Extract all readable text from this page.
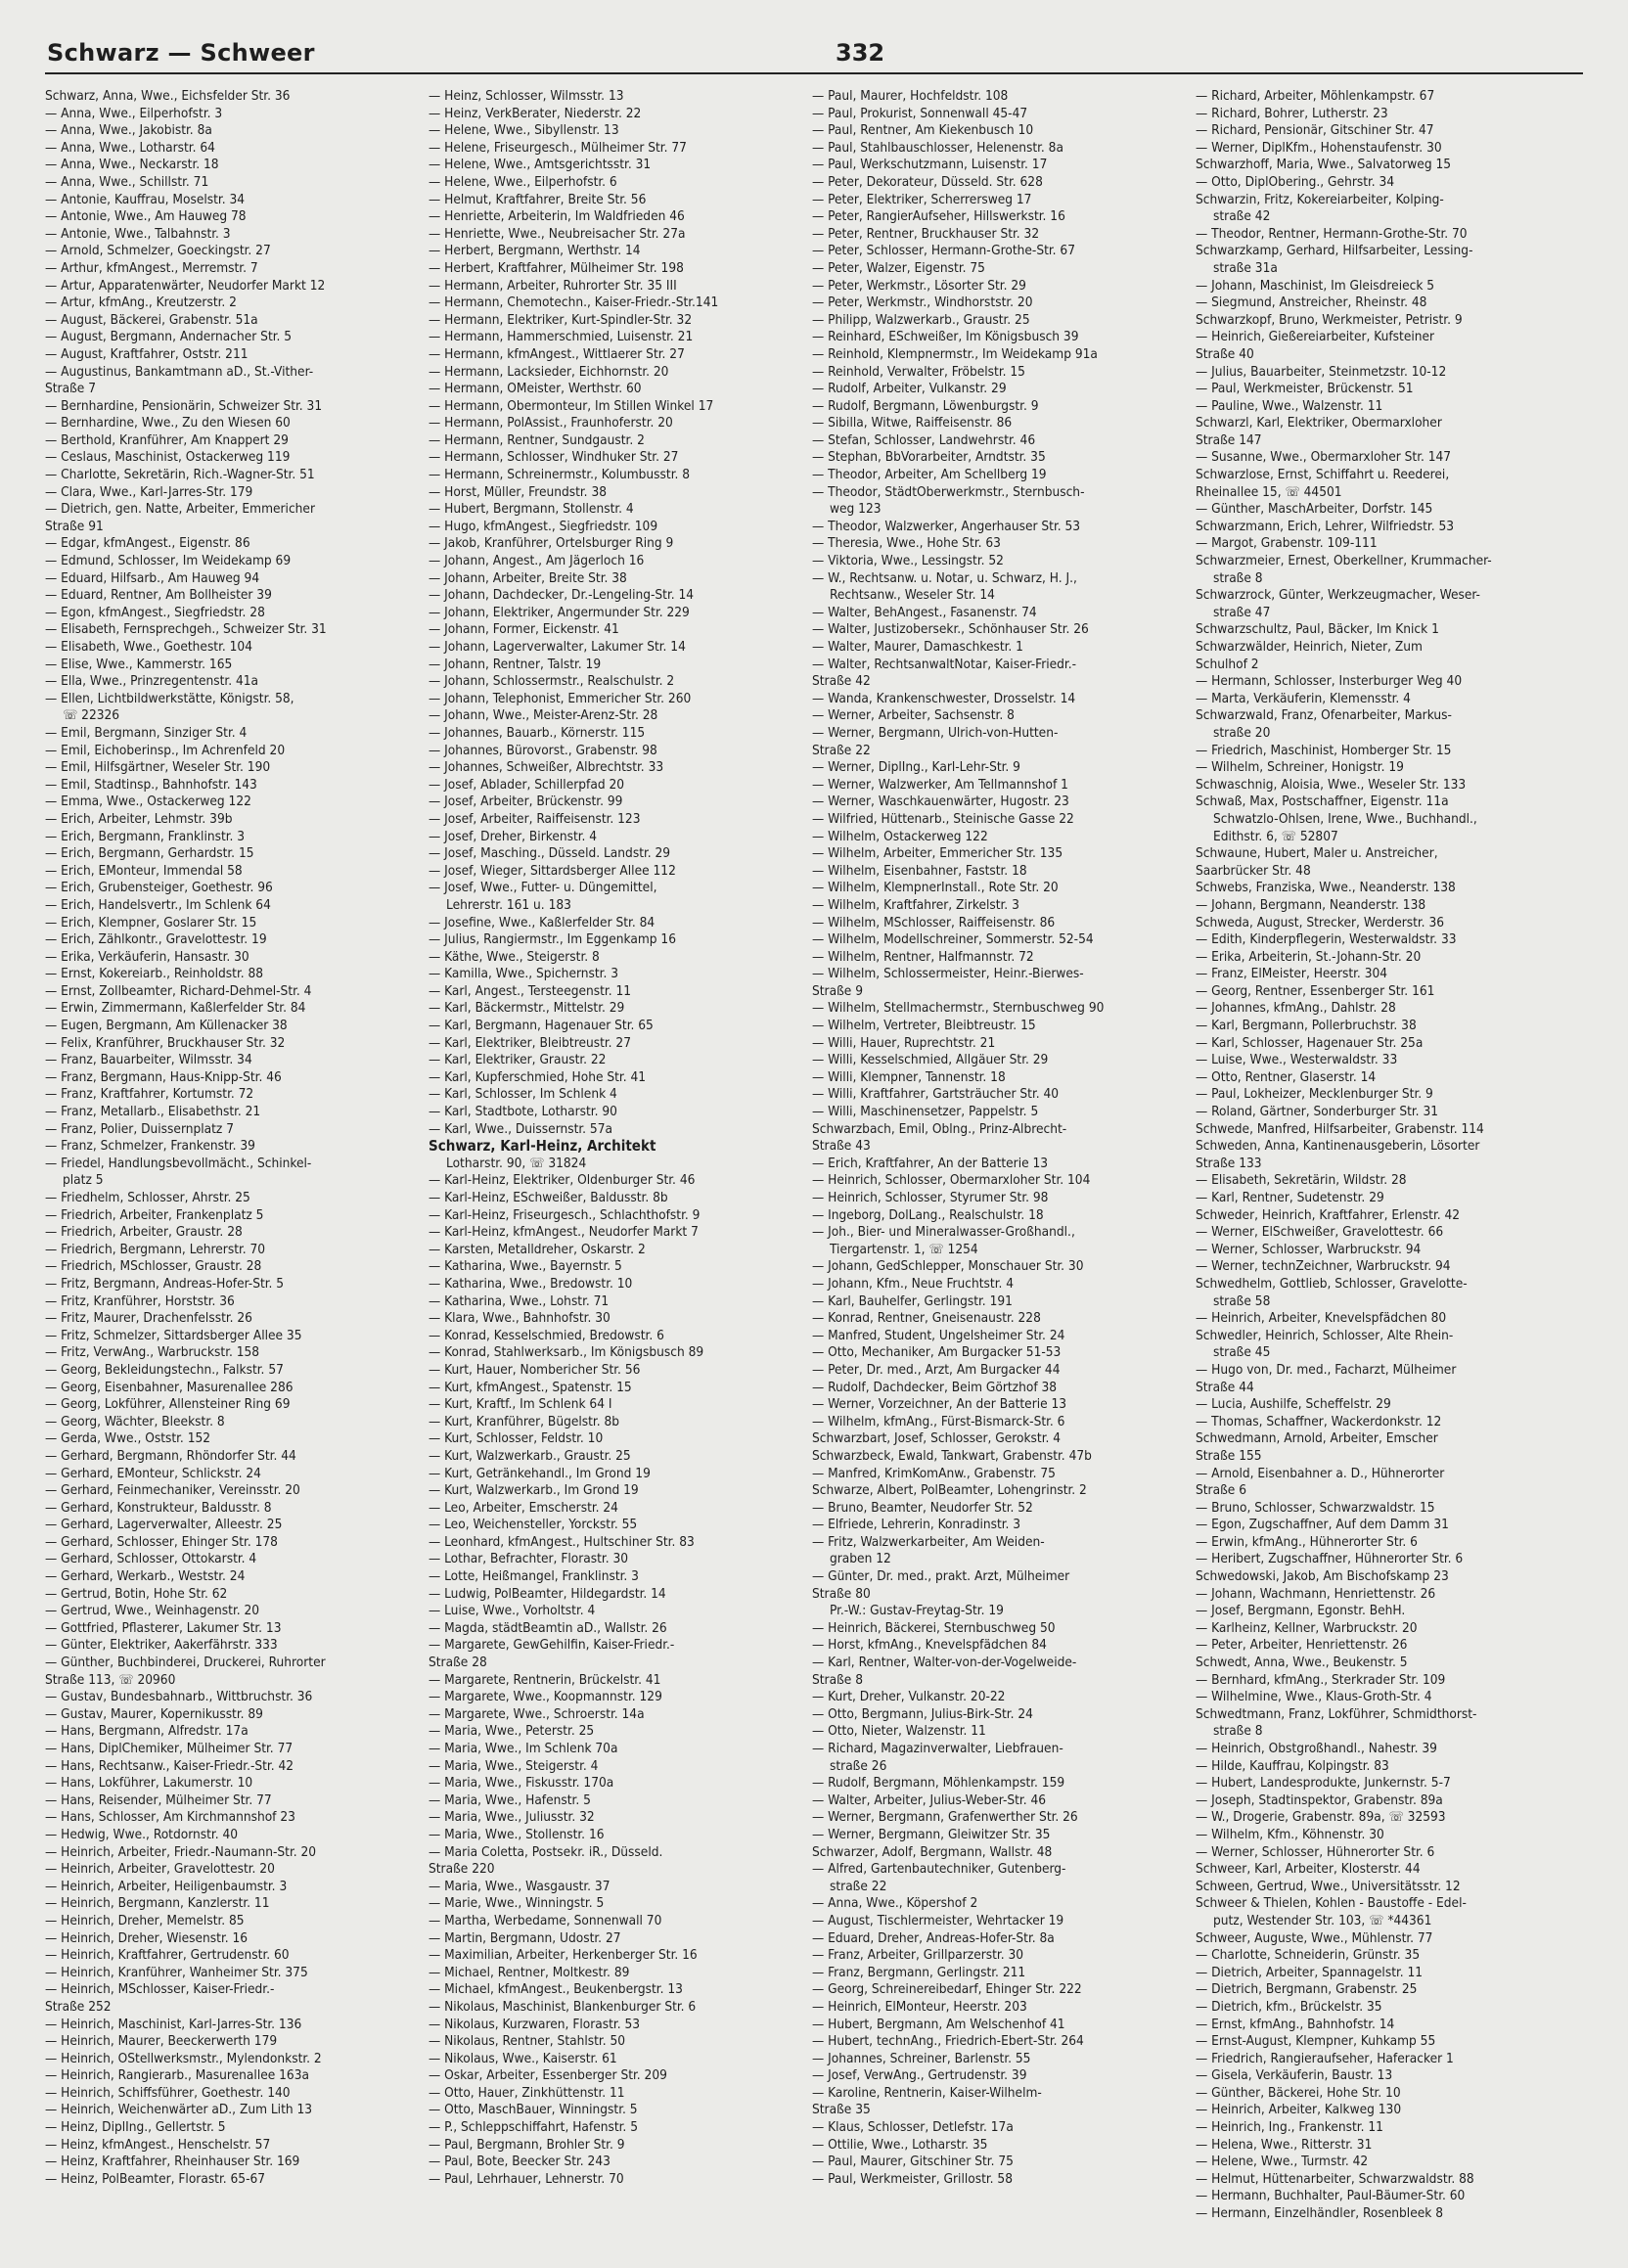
Schwarz — Schweer	332
Schwarz, Anna, Wwe., Eichsfelder Str. 36
— Anna, Wwe., Eilperhofstr. 3
— Anna, Wwe., Jakobistr. 8a
— Anna, Wwe., Lotharstr. 64
— Anna, Wwe., Neckarstr. 18
— Anna, Wwe., Schillstr. 71
— Antonie, Kauffrau, Moselstr. 34
— Antonie, Wwe., Am Hauweg 78
— Antonie, Wwe., Talbahnstr. 3
— Arnold, Schmelzer, Goeckingstr. 27
— Arthur, kfmAngest., Merremstr. 7
— Artur, Apparatenwärter, Neudorfer Markt 12
— Artur, kfmAng., Kreutzerstr. 2
— August, Bäckerei, Grabenstr. 51a
— August, Bergmann, Andernacher Str. 5
— August, Kraftfahrer, Oststr. 211
— Augustinus, Bankamtmann aD., St.-Vither-
Straße 7
— Bernhardine, Pensionärin, Schweizer Str. 31
— Bernhardine, Wwe., Zu den Wiesen 60
— Berthold, Kranführer, Am Knappert 29
— Ceslaus, Maschinist, Ostackerweg 119
— Charlotte, Sekretärin, Rich.-Wagner-Str. 51
— Clara, Wwe., Karl-Jarres-Str. 179
— Dietrich, gen. Natte, Arbeiter, Emmericher
Straße 91
— Edgar, kfmAngest., Eigenstr. 86
— Edmund, Schlosser, Im Weidekamp 69
— Eduard, Hilfsarb., Am Hauweg 94
— Eduard, Rentner, Am Bollheister 39
— Egon, kfmAngest., Siegfriedstr. 28
— Elisabeth, Fernsprechgeh., Schweizer Str. 31
— Elisabeth, Wwe., Goethestr. 104
— Elise, Wwe., Kammerstr. 165
— Ella, Wwe., Prinzregentenstr. 41a
— Ellen, Lichtbildwerkstätte, Königstr. 58,
☏ 22326
— Emil, Bergmann, Sinziger Str. 4
— Emil, Eichoberinsp., Im Achrenfeld 20
— Emil, Hilfsgärtner, Weseler Str. 190
— Emil, Stadtinsp., Bahnhofstr. 143
— Emma, Wwe., Ostackerweg 122
— Erich, Arbeiter, Lehmstr. 39b
— Erich, Bergmann, Franklinstr. 3
— Erich, Bergmann, Gerhardstr. 15
— Erich, EMonteur, Immendal 58
— Erich, Grubensteiger, Goethestr. 96
— Erich, Handelsvertr., Im Schlenk 64
— Erich, Klempner, Goslarer Str. 15
— Erich, Zählkontr., Gravelottestr. 19
— Erika, Verkäuferin, Hansastr. 30
— Ernst, Kokereiarb., Reinholdstr. 88
— Ernst, Zollbeamter, Richard-Dehmel-Str. 4
— Erwin, Zimmermann, Kaßlerfelder Str. 84
— Eugen, Bergmann, Am Küllenacker 38
— Felix, Kranführer, Bruckhauser Str. 32
— Franz, Bauarbeiter, Wilmsstr. 34
— Franz, Bergmann, Haus-Knipp-Str. 46
— Franz, Kraftfahrer, Kortumstr. 72
— Franz, Metallarb., Elisabethstr. 21
— Franz, Polier, Duissernplatz 7
— Franz, Schmelzer, Frankenstr. 39
— Friedel, Handlungsbevollmächt., Schinkel-
platz 5
— Friedhelm, Schlosser, Ahrstr. 25
— Friedrich, Arbeiter, Frankenplatz 5
— Friedrich, Arbeiter, Graustr. 28
— Friedrich, Bergmann, Lehrerstr. 70
— Friedrich, MSchlosser, Graustr. 28
— Fritz, Bergmann, Andreas-Hofer-Str. 5
— Fritz, Kranführer, Horststr. 36
— Fritz, Maurer, Drachenfelsstr. 26
— Fritz, Schmelzer, Sittardsberger Allee 35
— Fritz, VerwAng., Warbruckstr. 158
— Georg, Bekleidungstechn., Falkstr. 57
— Georg, Eisenbahner, Masurenallee 286
— Georg, Lokführer, Allensteiner Ring 69
— Georg, Wächter, Bleekstr. 8
— Gerda, Wwe., Oststr. 152
— Gerhard, Bergmann, Rhöndorfer Str. 44
— Gerhard, EMonteur, Schlickstr. 24
— Gerhard, Feinmechaniker, Vereinsstr. 20
— Gerhard, Konstrukteur, Baldusstr. 8
— Gerhard, Lagerverwalter, Alleestr. 25
— Gerhard, Schlosser, Ehinger Str. 178
— Gerhard, Schlosser, Ottokarstr. 4
— Gerhard, Werkarb., Weststr. 24
— Gertrud, Botin, Hohe Str. 62
— Gertrud, Wwe., Weinhagenstr. 20
— Gottfried, Pflasterer, Lakumer Str. 13
— Günter, Elektriker, Aakerfährstr. 333
— Günther, Buchbinderei, Druckerei, Ruhrorter
Straße 113, ☏ 20960
— Gustav, Bundesbahnarb., Wittbruchstr. 36
— Gustav, Maurer, Kopernikusstr. 89
— Hans, Bergmann, Alfredstr. 17a
— Hans, DiplChemiker, Mülheimer Str. 77
— Hans, Rechtsanw., Kaiser-Friedr.-Str. 42
— Hans, Lokführer, Lakumerstr. 10
— Hans, Reisender, Mülheimer Str. 77
— Hans, Schlosser, Am Kirchmannshof 23
— Hedwig, Wwe., Rotdornstr. 40
— Heinrich, Arbeiter, Friedr.-Naumann-Str. 20
— Heinrich, Arbeiter, Gravelottestr. 20
— Heinrich, Arbeiter, Heiligenbaumstr. 3
— Heinrich, Bergmann, Kanzlerstr. 11
— Heinrich, Dreher, Memelstr. 85
— Heinrich, Dreher, Wiesenstr. 16
— Heinrich, Kraftfahrer, Gertrudenstr. 60
— Heinrich, Kranführer, Wanheimer Str. 375
— Heinrich, MSchlosser, Kaiser-Friedr.-
Straße 252
— Heinrich, Maschinist, Karl-Jarres-Str. 136
— Heinrich, Maurer, Beeckerwerth 179
— Heinrich, OStellwerksmstr., Mylendonkstr. 2
— Heinrich, Rangierarb., Masurenallee 163a
— Heinrich, Schiffsführer, Goethestr. 140
— Heinrich, Weichenwärter aD., Zum Lith 13
— Heinz, DiplIng., Gellertstr. 5
— Heinz, kfmAngest., Henschelstr. 57
— Heinz, Kraftfahrer, Rheinhauser Str. 169
— Heinz, PolBeamter, Florastr. 65-67
— Heinz, Schlosser, Wilmsstr. 13
— Heinz, VerkBerater, Niederstr. 22
— Helene, Wwe., Sibyllenstr. 13
— Helene, Friseurgesch., Mülheimer Str. 77
— Helene, Wwe., Amtsgerichtsstr. 31
— Helene, Wwe., Eilperhofstr. 6
— Helmut, Kraftfahrer, Breite Str. 56
— Henriette, Arbeiterin, Im Waldfrieden 46
— Henriette, Wwe., Neubreisacher Str. 27a
— Herbert, Bergmann, Werthstr. 14
— Herbert, Kraftfahrer, Mülheimer Str. 198
— Hermann, Arbeiter, Ruhrorter Str. 35 III
— Hermann, Chemotechn., Kaiser-Friedr.-Str.141
— Hermann, Elektriker, Kurt-Spindler-Str. 32
— Hermann, Hammerschmied, Luisenstr. 21
— Hermann, kfmAngest., Wittlaerer Str. 27
— Hermann, Lacksieder, Eichhornstr. 20
— Hermann, OMeister, Werthstr. 60
— Hermann, Obermonteur, Im Stillen Winkel 17
— Hermann, PolAssist., Fraunhoferstr. 20
— Hermann, Rentner, Sundgaustr. 2
— Hermann, Schlosser, Windhuker Str. 27
— Hermann, Schreinermstr., Kolumbusstr. 8
— Horst, Müller, Freundstr. 38
— Hubert, Bergmann, Stollenstr. 4
— Hugo, kfmAngest., Siegfriedstr. 109
— Jakob, Kranführer, Ortelsburger Ring 9
— Johann, Angest., Am Jägerloch 16
— Johann, Arbeiter, Breite Str. 38
— Johann, Dachdecker, Dr.-Lengeling-Str. 14
— Johann, Elektriker, Angermunder Str. 229
— Johann, Former, Eickenstr. 41
— Johann, Lagerverwalter, Lakumer Str. 14
— Johann, Rentner, Talstr. 19
— Johann, Schlossermstr., Realschulstr. 2
— Johann, Telephonist, Emmericher Str. 260
— Johann, Wwe., Meister-Arenz-Str. 28
— Johannes, Bauarb., Körnerstr. 115
— Johannes, Bürovorst., Grabenstr. 98
— Johannes, Schweißer, Albrechtstr. 33
— Josef, Ablader, Schillerpfad 20
— Josef, Arbeiter, Brückenstr. 99
— Josef, Arbeiter, Raiffeisenstr. 123
— Josef, Dreher, Birkenstr. 4
— Josef, Masching., Düsseld. Landstr. 29
— Josef, Wieger, Sittardsberger Allee 112
— Josef, Wwe., Futter- u. Düngemittel,
Lehrerstr. 161 u. 183
— Josefine, Wwe., Kaßlerfelder Str. 84
— Julius, Rangiermstr., Im Eggenkamp 16
— Käthe, Wwe., Steigerstr. 8
— Kamilla, Wwe., Spichernstr. 3
— Karl, Angest., Tersteegenstr. 11
— Karl, Bäckermstr., Mittelstr. 29
— Karl, Bergmann, Hagenauer Str. 65
— Karl, Elektriker, Bleibtreustr. 27
— Karl, Elektriker, Graustr. 22
— Karl, Kupferschmied, Hohe Str. 41
— Karl, Schlosser, Im Schlenk 4
— Karl, Stadtbote, Lotharstr. 90
— Karl, Wwe., Duissernstr. 57a
Schwarz, Karl-Heinz, Architekt
Lotharstr. 90, ☏ 31824
— Karl-Heinz, Elektriker, Oldenburger Str. 46
— Karl-Heinz, ESchweißer, Baldusstr. 8b
— Karl-Heinz, Friseurgesch., Schlachthofstr. 9
— Karl-Heinz, kfmAngest., Neudorfer Markt 7
— Karsten, Metalldreher, Oskarstr. 2
— Katharina, Wwe., Bayernstr. 5
— Katharina, Wwe., Bredowstr. 10
— Katharina, Wwe., Lohstr. 71
— Klara, Wwe., Bahnhofstr. 30
— Konrad, Kesselschmied, Bredowstr. 6
— Konrad, Stahlwerksarb., Im Königsbusch 89
— Kurt, Hauer, Nombericher Str. 56
— Kurt, kfmAngest., Spatenstr. 15
— Kurt, Kraftf., Im Schlenk 64 I
— Kurt, Kranführer, Bügelstr. 8b
— Kurt, Schlosser, Feldstr. 10
— Kurt, Walzwerkarb., Graustr. 25
— Kurt, Getränkehandl., Im Grond 19
— Kurt, Walzwerkarb., Im Grond 19
— Leo, Arbeiter, Emscherstr. 24
— Leo, Weichensteller, Yorckstr. 55
— Leonhard, kfmAngest., Hultschiner Str. 83
— Lothar, Befrachter, Florastr. 30
— Lotte, Heißmangel, Franklinstr. 3
— Ludwig, PolBeamter, Hildegardstr. 14
— Luise, Wwe., Vorholtstr. 4
— Magda, städtBeamtin aD., Wallstr. 26
— Margarete, GewGehilfin, Kaiser-Friedr.-
Straße 28
— Margarete, Rentnerin, Brückelstr. 41
— Margarete, Wwe., Koopmannstr. 129
— Margarete, Wwe., Schroerstr. 14a
— Maria, Wwe., Peterstr. 25
— Maria, Wwe., Im Schlenk 70a
— Maria, Wwe., Steigerstr. 4
— Maria, Wwe., Fiskusstr. 170a
— Maria, Wwe., Hafenstr. 5
— Maria, Wwe., Juliusstr. 32
— Maria, Wwe., Stollenstr. 16
— Maria Coletta, Postsekr. iR., Düsseld.
Straße 220
— Maria, Wwe., Wasgaustr. 37
— Marie, Wwe., Winningstr. 5
— Martha, Werbedame, Sonnenwall 70
— Martin, Bergmann, Udostr. 27
— Maximilian, Arbeiter, Herkenberger Str. 16
— Michael, Rentner, Moltkestr. 89
— Michael, kfmAngest., Beukenbergstr. 13
— Nikolaus, Maschinist, Blankenburger Str. 6
— Nikolaus, Kurzwaren, Florastr. 53
— Nikolaus, Rentner, Stahlstr. 50
— Nikolaus, Wwe., Kaiserstr. 61
— Oskar, Arbeiter, Essenberger Str. 209
— Otto, Hauer, Zinkhüttenstr. 11
— Otto, MaschBauer, Winningstr. 5
— P., Schleppschiffahrt, Hafenstr. 5
— Paul, Bergmann, Brohler Str. 9
— Paul, Bote, Beecker Str. 243
— Paul, Lehrhauer, Lehnerstr. 70
— Paul, Maurer, Hochfeldstr. 108
— Paul, Prokurist, Sonnenwall 45-47
— Paul, Rentner, Am Kiekenbusch 10
— Paul, Stahlbauschlosser, Helenenstr. 8a
— Paul, Werkschutzmann, Luisenstr. 17
— Peter, Dekorateur, Düsseld. Str. 628
— Peter, Elektriker, Scherrersweg 17
— Peter, RangierAufseher, Hillswerkstr. 16
— Peter, Rentner, Bruckhauser Str. 32
— Peter, Schlosser, Hermann-Grothe-Str. 67
— Peter, Walzer, Eigenstr. 75
— Peter, Werkmstr., Lösorter Str. 29
— Peter, Werkmstr., Windhorststr. 20
— Philipp, Walzwerkarb., Graustr. 25
— Reinhard, ESchweißer, Im Königsbusch 39
— Reinhold, Klempnermstr., Im Weidekamp 91a
— Reinhold, Verwalter, Fröbelstr. 15
— Rudolf, Arbeiter, Vulkanstr. 29
— Rudolf, Bergmann, Löwenburgstr. 9
— Sibilla, Witwe, Raiffeisenstr. 86
— Stefan, Schlosser, Landwehrstr. 46
— Stephan, BbVorarbeiter, Arndtstr. 35
— Theodor, Arbeiter, Am Schellberg 19
— Theodor, StädtOberwerkmstr., Sternbusch-
weg 123
— Theodor, Walzwerker, Angerhauser Str. 53
— Theresia, Wwe., Hohe Str. 63
— Viktoria, Wwe., Lessingstr. 52
— W., Rechtsanw. u. Notar, u. Schwarz, H. J.,
Rechtsanw., Weseler Str. 14
— Walter, BehAngest., Fasanenstr. 74
— Walter, Justizobersekr., Schönhauser Str. 26
— Walter, Maurer, Damaschkestr. 1
— Walter, RechtsanwaltNotar, Kaiser-Friedr.-
Straße 42
— Wanda, Krankenschwester, Drosselstr. 14
— Werner, Arbeiter, Sachsenstr. 8
— Werner, Bergmann, Ulrich-von-Hutten-
Straße 22
— Werner, DiplIng., Karl-Lehr-Str. 9
— Werner, Walzwerker, Am Tellmannshof 1
— Werner, Waschkauenwärter, Hugostr. 23
— Wilfried, Hüttenarb., Steinische Gasse 22
— Wilhelm, Ostackerweg 122
— Wilhelm, Arbeiter, Emmericher Str. 135
— Wilhelm, Eisenbahner, Faststr. 18
— Wilhelm, KlempnerInstall., Rote Str. 20
— Wilhelm, Kraftfahrer, Zirkelstr. 3
— Wilhelm, MSchlosser, Raiffeisenstr. 86
— Wilhelm, Modellschreiner, Sommerstr. 52-54
— Wilhelm, Rentner, Halfmannstr. 72
— Wilhelm, Schlossermeister, Heinr.-Bierwes-
Straße 9
— Wilhelm, Stellmachermstr., Sternbuschweg 90
— Wilhelm, Vertreter, Bleibtreustr. 15
— Willi, Hauer, Ruprechtstr. 21
— Willi, Kesselschmied, Allgäuer Str. 29
— Willi, Klempner, Tannenstr. 18
— Willi, Kraftfahrer, Gartsträucher Str. 40
— Willi, Maschinensetzer, Pappelstr. 5
Schwarzbach, Emil, Oblng., Prinz-Albrecht-
Straße 43
— Erich, Kraftfahrer, An der Batterie 13
— Heinrich, Schlosser, Obermarxloher Str. 104
— Heinrich, Schlosser, Styrumer Str. 98
— Ingeborg, DolLang., Realschulstr. 18
— Joh., Bier- und Mineralwasser-Großhandl.,
Tiergartenstr. 1, ☏ 1254
— Johann, GedSchlepper, Monschauer Str. 30
— Johann, Kfm., Neue Fruchtstr. 4
— Karl, Bauhelfer, Gerlingstr. 191
— Konrad, Rentner, Gneisenaustr. 228
— Manfred, Student, Ungelsheimer Str. 24
— Otto, Mechaniker, Am Burgacker 51-53
— Peter, Dr. med., Arzt, Am Burgacker 44
— Rudolf, Dachdecker, Beim Görtzhof 38
— Werner, Vorzeichner, An der Batterie 13
— Wilhelm, kfmAng., Fürst-Bismarck-Str. 6
Schwarzbart, Josef, Schlosser, Gerokstr. 4
Schwarzbeck, Ewald, Tankwart, Grabenstr. 47b
— Manfred, KrimKomAnw., Grabenstr. 75
Schwarze, Albert, PolBeamter, Lohengrinstr. 2
— Bruno, Beamter, Neudorfer Str. 52
— Elfriede, Lehrerin, Konradinstr. 3
— Fritz, Walzwerkarbeiter, Am Weiden-
graben 12
— Günter, Dr. med., prakt. Arzt, Mülheimer
Straße 80
Pr.-W.: Gustav-Freytag-Str. 19
— Heinrich, Bäckerei, Sternbuschweg 50
— Horst, kfmAng., Knevelspfädchen 84
— Karl, Rentner, Walter-von-der-Vogelweide-
Straße 8
— Kurt, Dreher, Vulkanstr. 20-22
— Otto, Bergmann, Julius-Birk-Str. 24
— Otto, Nieter, Walzenstr. 11
— Richard, Magazinverwalter, Liebfrauen-
straße 26
— Rudolf, Bergmann, Möhlenkampstr. 159
— Walter, Arbeiter, Julius-Weber-Str. 46
— Werner, Bergmann, Grafenwerther Str. 26
— Werner, Bergmann, Gleiwitzer Str. 35
Schwarzer, Adolf, Bergmann, Wallstr. 48
— Alfred, Gartenbautechniker, Gutenberg-
straße 22
— Anna, Wwe., Köpershof 2
— August, Tischlermeister, Wehrtacker 19
— Eduard, Dreher, Andreas-Hofer-Str. 8a
— Franz, Arbeiter, Grillparzerstr. 30
— Franz, Bergmann, Gerlingstr. 211
— Georg, Schreinereibedarf, Ehinger Str. 222
— Heinrich, ElMonteur, Heerstr. 203
— Hubert, Bergmann, Am Welschenhof 41
— Hubert, technAng., Friedrich-Ebert-Str. 264
— Johannes, Schreiner, Barlenstr. 55
— Josef, VerwAng., Gertrudenstr. 39
— Karoline, Rentnerin, Kaiser-Wilhelm-
Straße 35
— Klaus, Schlosser, Detlefstr. 17a
— Ottilie, Wwe., Lotharstr. 35
— Paul, Maurer, Gitschiner Str. 75
— Paul, Werkmeister, Grillostr. 58
— Richard, Arbeiter, Möhlenkampstr. 67
— Richard, Bohrer, Lutherstr. 23
— Richard, Pensionär, Gitschiner Str. 47
— Werner, DiplKfm., Hohenstaufenstr. 30
Schwarzhoff, Maria, Wwe., Salvatorweg 15
— Otto, DiplObering., Gehrstr. 34
Schwarzin, Fritz, Kokereiarbeiter, Kolping-
straße 42
— Theodor, Rentner, Hermann-Grothe-Str. 70
Schwarzkamp, Gerhard, Hilfsarbeiter, Lessing-
straße 31a
— Johann, Maschinist, Im Gleisdreieck 5
— Siegmund, Anstreicher, Rheinstr. 48
Schwarzkopf, Bruno, Werkmeister, Petristr. 9
— Heinrich, Gießereiarbeiter, Kufsteiner
Straße 40
— Julius, Bauarbeiter, Steinmetzstr. 10-12
— Paul, Werkmeister, Brückenstr. 51
— Pauline, Wwe., Walzenstr. 11
Schwarzl, Karl, Elektriker, Obermarxloher
Straße 147
— Susanne, Wwe., Obermarxloher Str. 147
Schwarzlose, Ernst, Schiffahrt u. Reederei,
Rheinallee 15, ☏ 44501
— Günther, MaschArbeiter, Dorfstr. 145
Schwarzmann, Erich, Lehrer, Wilfriedstr. 53
— Margot, Grabenstr. 109-111
Schwarzmeier, Ernest, Oberkellner, Krummacher-
straße 8
Schwarzrock, Günter, Werkzeugmacher, Weser-
straße 47
Schwarzschultz, Paul, Bäcker, Im Knick 1
Schwarzwälder, Heinrich, Nieter, Zum
Schulhof 2
— Hermann, Schlosser, Insterburger Weg 40
— Marta, Verkäuferin, Klemensstr. 4
Schwarzwald, Franz, Ofenarbeiter, Markus-
straße 20
— Friedrich, Maschinist, Homberger Str. 15
— Wilhelm, Schreiner, Honigstr. 19
Schwaschnig, Aloisia, Wwe., Weseler Str. 133
Schwaß, Max, Postschaffner, Eigenstr. 11a
Schwatzlo-Ohlsen, Irene, Wwe., Buchhandl.,
Edithstr. 6, ☏ 52807
Schwaune, Hubert, Maler u. Anstreicher,
Saarbrücker Str. 48
Schwebs, Franziska, Wwe., Neanderstr. 138
— Johann, Bergmann, Neanderstr. 138
Schweda, August, Strecker, Werderstr. 36
— Edith, Kinderpflegerin, Westerwaldstr. 33
— Erika, Arbeiterin, St.-Johann-Str. 20
— Franz, ElMeister, Heerstr. 304
— Georg, Rentner, Essenberger Str. 161
— Johannes, kfmAng., Dahlstr. 28
— Karl, Bergmann, Pollerbruchstr. 38
— Karl, Schlosser, Hagenauer Str. 25a
— Luise, Wwe., Westerwaldstr. 33
— Otto, Rentner, Glaserstr. 14
— Paul, Lokheizer, Mecklenburger Str. 9
— Roland, Gärtner, Sonderburger Str. 31
Schwede, Manfred, Hilfsarbeiter, Grabenstr. 114
Schweden, Anna, Kantinenausgeberin, Lösorter
Straße 133
— Elisabeth, Sekretärin, Wildstr. 28
— Karl, Rentner, Sudetenstr. 29
Schweder, Heinrich, Kraftfahrer, Erlenstr. 42
— Werner, ElSchweißer, Gravelottestr. 66
— Werner, Schlosser, Warbruckstr. 94
— Werner, technZeichner, Warbruckstr. 94
Schwedhelm, Gottlieb, Schlosser, Gravelotte-
straße 58
— Heinrich, Arbeiter, Knevelspfädchen 80
Schwedler, Heinrich, Schlosser, Alte Rhein-
straße 45
— Hugo von, Dr. med., Facharzt, Mülheimer
Straße 44
— Lucia, Aushilfe, Scheffelstr. 29
— Thomas, Schaffner, Wackerdonkstr. 12
Schwedmann, Arnold, Arbeiter, Emscher
Straße 155
— Arnold, Eisenbahner a. D., Hühnerorter
Straße 6
— Bruno, Schlosser, Schwarzwaldstr. 15
— Egon, Zugschaffner, Auf dem Damm 31
— Erwin, kfmAng., Hühnerorter Str. 6
— Heribert, Zugschaffner, Hühnerorter Str. 6
Schwedowski, Jakob, Am Bischofskamp 23
— Johann, Wachmann, Henriettenstr. 26
— Josef, Bergmann, Egonstr. BehH.
— Karlheinz, Kellner, Warbruckstr. 20
— Peter, Arbeiter, Henriettenstr. 26
Schwedt, Anna, Wwe., Beukenstr. 5
— Bernhard, kfmAng., Sterkrader Str. 109
— Wilhelmine, Wwe., Klaus-Groth-Str. 4
Schwedtmann, Franz, Lokführer, Schmidthorst-
straße 8
— Heinrich, Obstgroßhandl., Nahestr. 39
— Hilde, Kauffrau, Kolpingstr. 83
— Hubert, Landesprodukte, Junkernstr. 5-7
— Joseph, Stadtinspektor, Grabenstr. 89a
— W., Drogerie, Grabenstr. 89a, ☏ 32593
— Wilhelm, Kfm., Köhnenstr. 30
— Werner, Schlosser, Hühnerorter Str. 6
Schweer, Karl, Arbeiter, Klosterstr. 44
Schween, Gertrud, Wwe., Universitätsstr. 12
Schweer & Thielen, Kohlen - Baustoffe - Edel-
putz, Westender Str. 103, ☏ *44361
Schweer, Auguste, Wwe., Mühlenstr. 77
— Charlotte, Schneiderin, Grünstr. 35
— Dietrich, Arbeiter, Spannagelstr. 11
— Dietrich, Bergmann, Grabenstr. 25
— Dietrich, kfm., Brückelstr. 35
— Ernst, kfmAng., Bahnhofstr. 14
— Ernst-August, Klempner, Kuhkamp 55
— Friedrich, Rangieraufseher, Haferacker 1
— Gisela, Verkäuferin, Baustr. 13
— Günther, Bäckerei, Hohe Str. 10
— Heinrich, Arbeiter, Kalkweg 130
— Heinrich, Ing., Frankenstr. 11
— Helena, Wwe., Ritterstr. 31
— Helene, Wwe., Turmstr. 42
— Helmut, Hüttenarbeiter, Schwarzwaldstr. 88
— Hermann, Buchhalter, Paul-Bäumer-Str. 60
— Hermann, Einzelhändler, Rosenbleek 8
